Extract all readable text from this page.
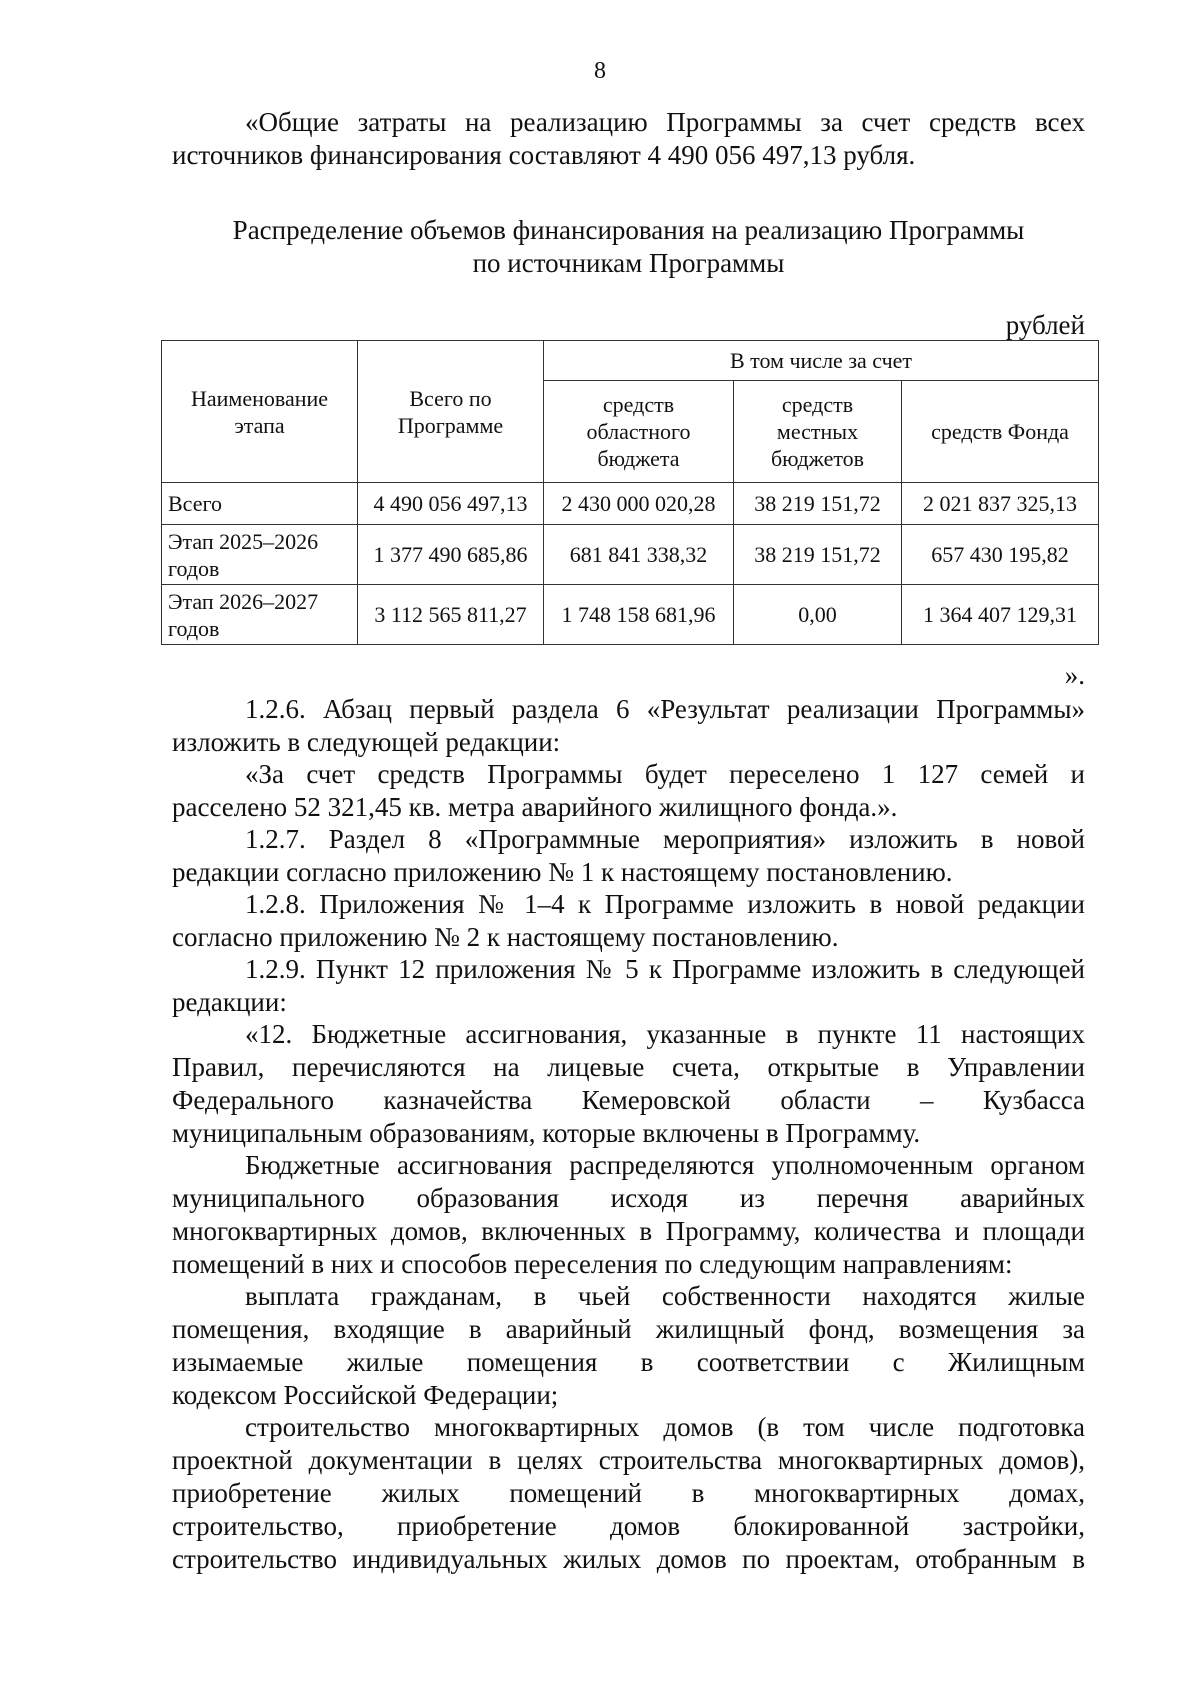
8
«Общие затраты на реализацию Программы за счет средств всех
источников финансирования составляют 4 490 056 497,13 рубля.
Распределение объемов финансирования на реализацию Программы
по источникам Программы
рублей
Наименование этапа	Всего по Программе	В том числе за счет		
		средств областного бюджета	средств местных бюджетов	средств Фонда
Всего	4 490 056 497,13	2 430 000 020,28	38 219 151,72	2 021 837 325,13
Этап 2025–2026 годов	1 377 490 685,86	681 841 338,32	38 219 151,72	657 430 195,82
Этап 2026–2027 годов	3 112 565 811,27	1 748 158 681,96	0,00	1 364 407 129,31
».
1.2.6. Абзац первый раздела 6 «Результат реализации Программы»
изложить в следующей редакции:
«За счет средств Программы будет переселено 1 127 семей и
расселено 52 321,45 кв. метра аварийного жилищного фонда.».
1.2.7. Раздел 8 «Программные мероприятия» изложить в новой
редакции согласно приложению № 1 к настоящему постановлению.
1.2.8. Приложения № 1–4 к Программе изложить в новой редакции
согласно приложению № 2 к настоящему постановлению.
1.2.9. Пункт 12 приложения № 5 к Программе изложить в следующей
редакции:
«12. Бюджетные ассигнования, указанные в пункте 11 настоящих
Правил, перечисляются на лицевые счета, открытые в Управлении
Федерального казначейства Кемеровской области – Кузбасса
муниципальным образованиям, которые включены в Программу.
Бюджетные ассигнования распределяются уполномоченным органом
муниципального образования исходя из перечня аварийных
многоквартирных домов, включенных в Программу, количества и площади
помещений в них и способов переселения по следующим направлениям:
выплата гражданам, в чьей собственности находятся жилые
помещения, входящие в аварийный жилищный фонд, возмещения за
изымаемые жилые помещения в соответствии с Жилищным
кодексом Российской Федерации;
строительство многоквартирных домов (в том числе подготовка
проектной документации в целях строительства многоквартирных домов),
приобретение жилых помещений в многоквартирных домах,
строительство, приобретение домов блокированной застройки,
строительство индивидуальных жилых домов по проектам, отобранным в
